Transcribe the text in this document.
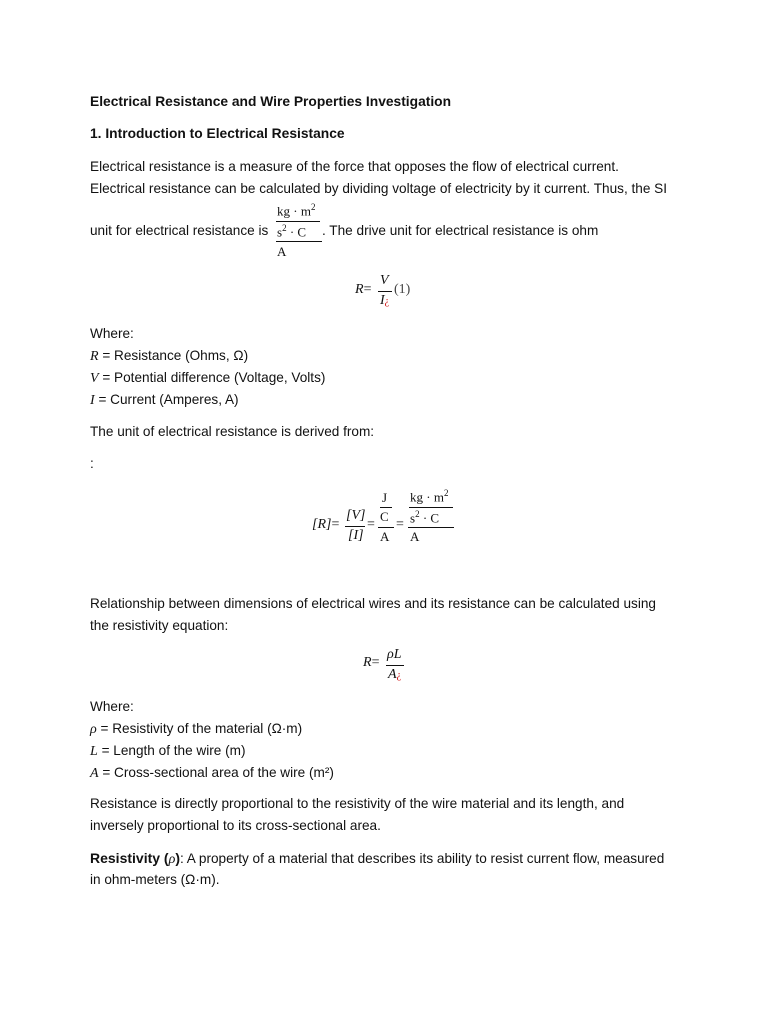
Electrical Resistance and Wire Properties Investigation
1. Introduction to Electrical Resistance
Electrical resistance is a measure of the force that opposes the flow of electrical current.
Electrical resistance can be calculated by dividing voltage of electricity by it current. Thus, the SI
unit for electrical resistance is
kg · $m^2$
$s^2 \cdot C$
A
. The drive unit for electrical resistance is ohm
R=
V
I¿
(1)
Where:
R = Resistance (Ohms, Ω)
V = Potential difference (Voltage, Volts)
I = Current (Amperes, A)
The unit of electrical resistance is derived from:
:
[R]=
[V]
[I]
=
J
C
A
=
kg · $m^2$
$s^2 \cdot C$
A
Relationship between dimensions of electrical wires and its resistance can be calculated using
the resistivity equation:
R=
ρL
A¿
Where:
ρ = Resistivity of the material (Ω·m)
L = Length of the wire (m)
A = Cross-sectional area of the wire (m²)
Resistance is directly proportional to the resistivity of the wire material and its length, and
inversely proportional to its cross-sectional area.
Resistivity (ρ): A property of a material that describes its ability to resist current flow, measured
in ohm-meters (Ω·m).
